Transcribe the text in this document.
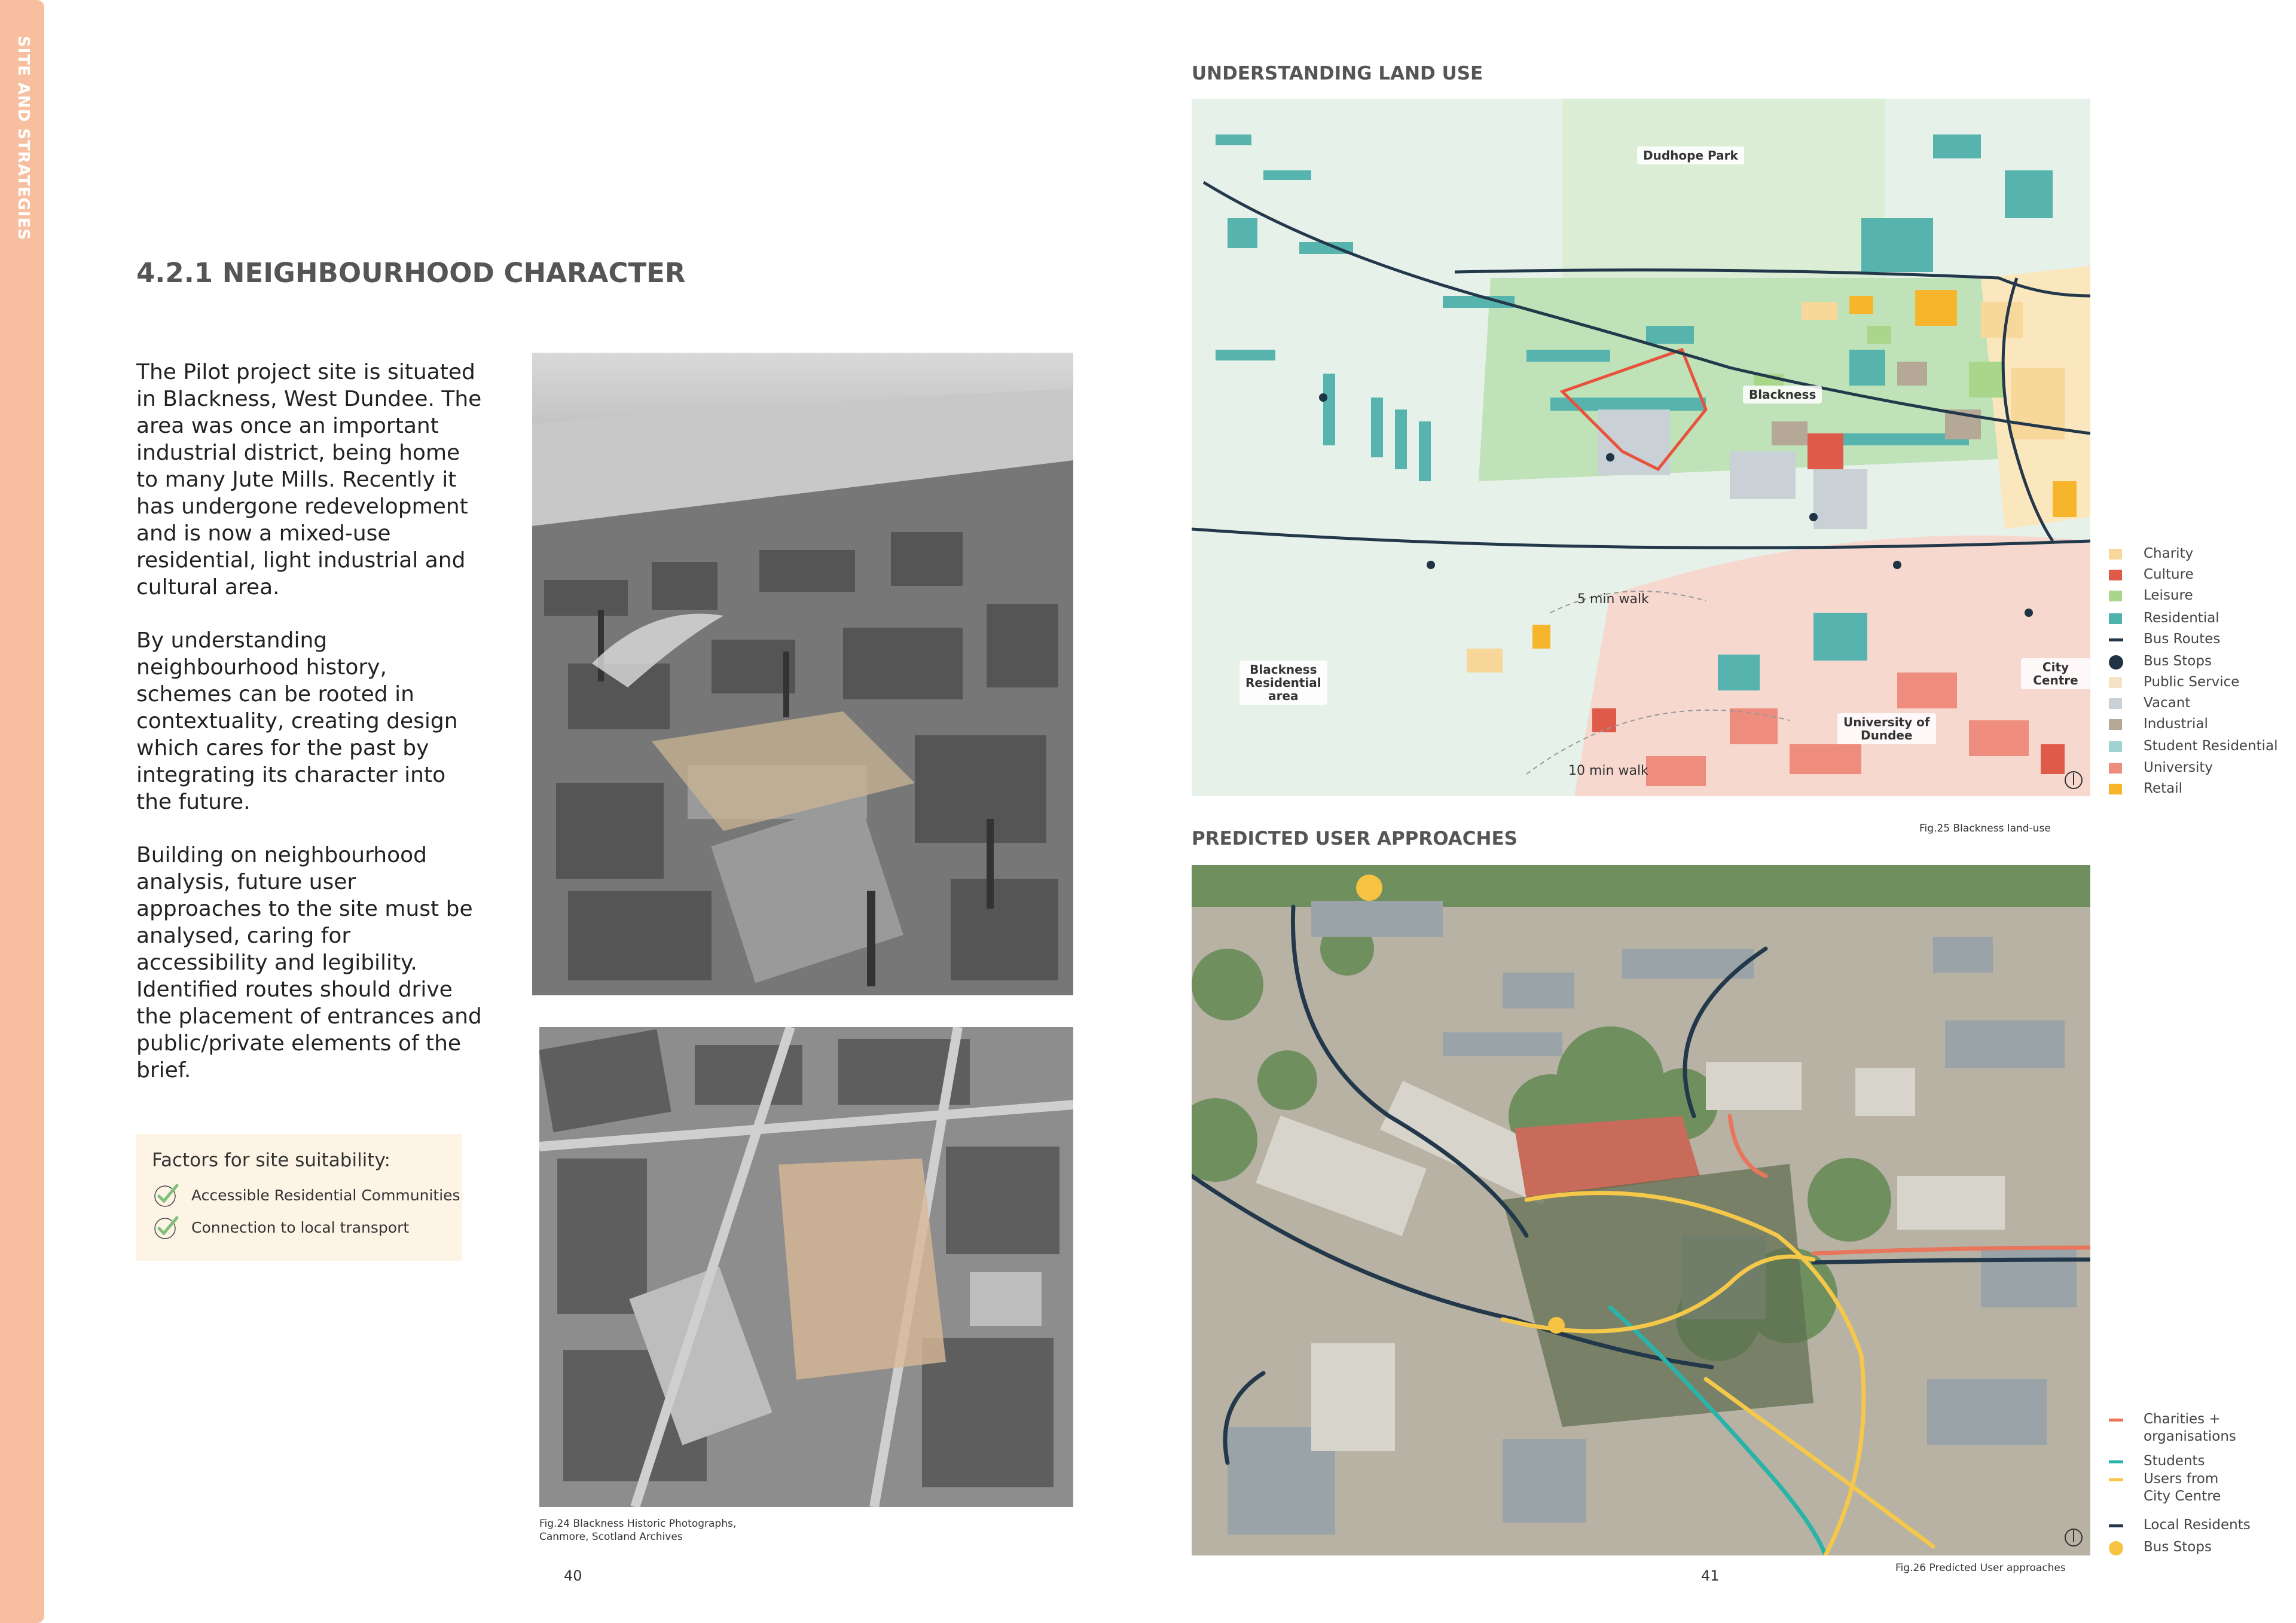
SITE AND STRATEGIES
4.2.1 NEIGHBOURHOOD CHARACTER

The Pilot project site is situated in Blackness, West Dundee. The area was once an important industrial district, being home to many Jute Mills. Recently it has undergone redevelopment and is now a mixed-use residential, light industrial and cultural area.

By understanding neighbourhood history, schemes can be rooted in contextuality, creating design which cares for the past by integrating its character into the future.

Building on neighbourhood analysis, future user approaches to the site must be analysed, caring for accessibility and legibility. Identified routes should drive the placement of entrances and public/private elements of the brief.

Factors for site suitability:
Accessible Residential Communities
Connection to local transport
Fig.24 Blackness Historic Photographs,
Canmore, Scotland Archives
40
UNDERSTANDING LAND USE
Dudhope Park
Blackness
Blackness
Residential
area
City Centre
University of
Dundee
5 min walk
10 min walk
Charity
Culture
Leisure
Residential
Bus Routes
Bus Stops
Public Service
Vacant
Industrial
Student Residential
University
Retail
Fig.25 Blackness land-use
PREDICTED USER APPROACHES
Charities +
organisations
Students
Users from
City Centre
Local Residents
Bus Stops
Fig.26 Predicted User approaches
41
